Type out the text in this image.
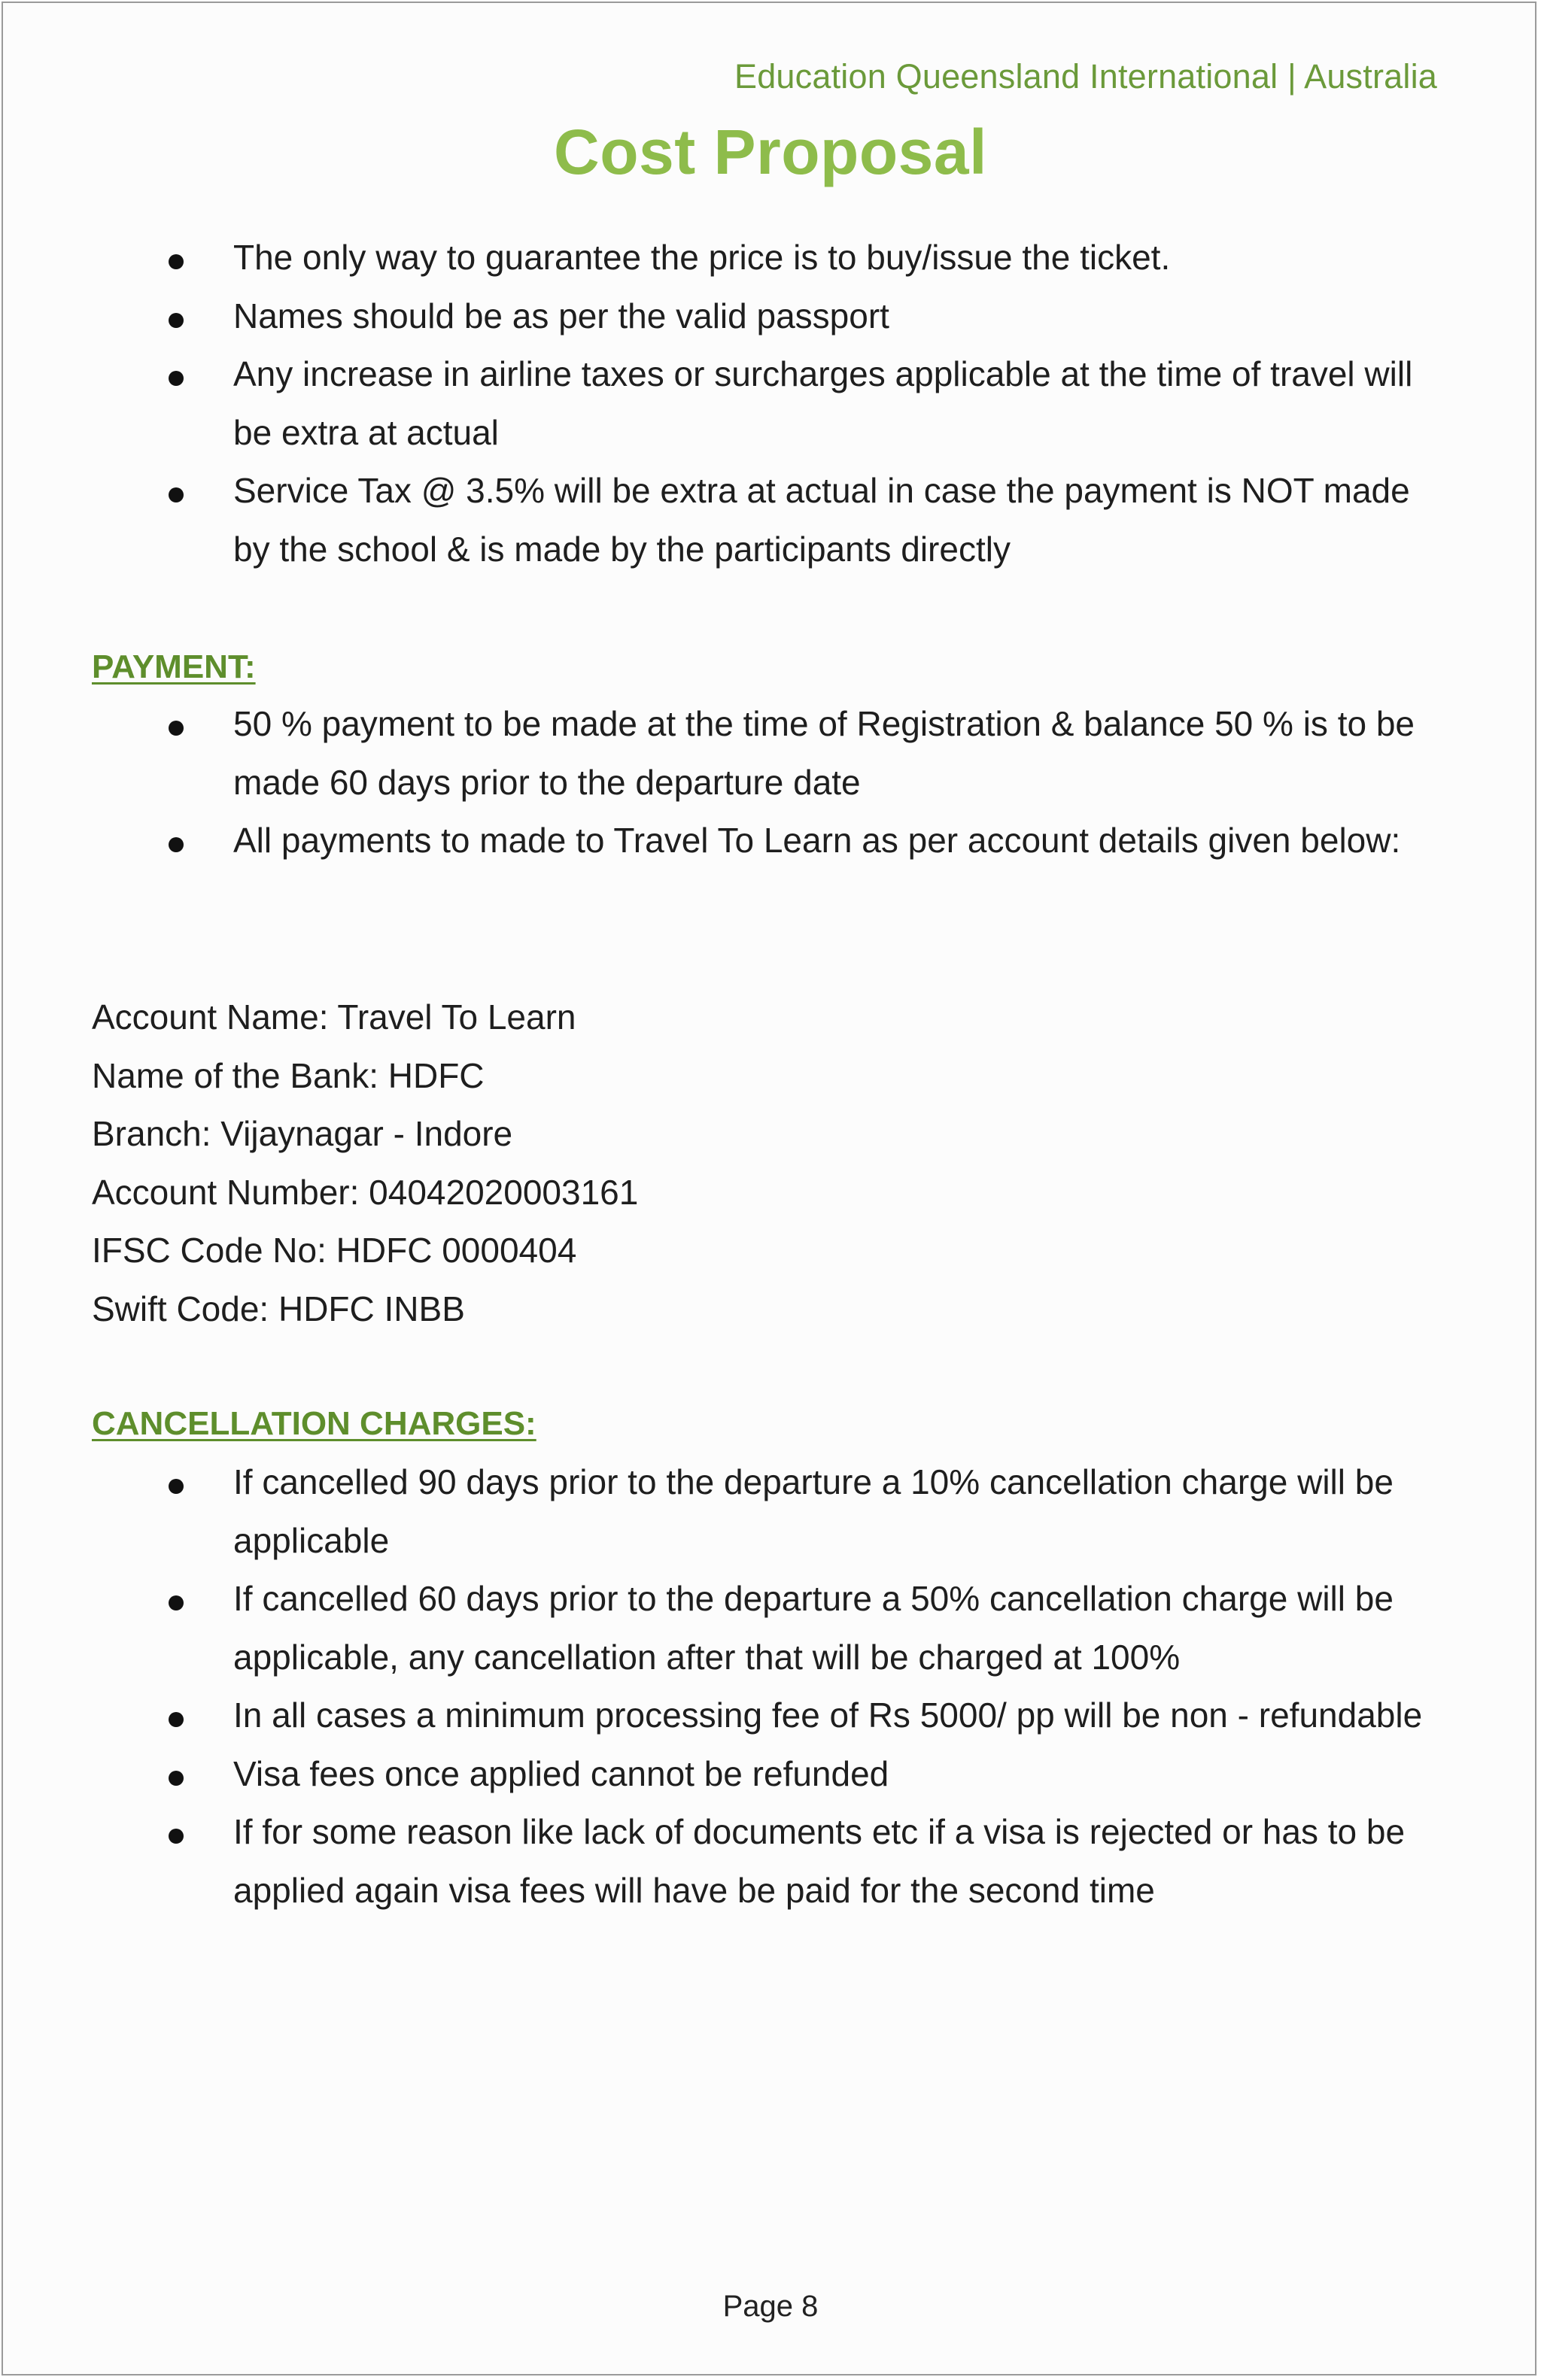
Education Queensland International | Australia
Cost Proposal
The only way to guarantee the price is to buy/issue the ticket.
Names should be as per the valid passport
Any increase in airline taxes or surcharges applicable at the time of travel will be extra at actual
Service Tax @ 3.5% will be extra at actual in case the payment is NOT made by the school & is made by the participants directly
PAYMENT:
50 % payment to be made at the time of Registration & balance 50 % is to be made 60 days prior to the departure date
All payments to made to Travel To Learn as per account details given below:
Account Name: Travel To Learn
Name of the Bank: HDFC
Branch: Vijaynagar - Indore
Account Number: 04042020003161
IFSC Code No: HDFC 0000404
Swift Code: HDFC INBB
CANCELLATION CHARGES:
If cancelled 90 days prior to the departure a 10% cancellation charge will be applicable
If cancelled 60 days prior to the departure a 50% cancellation charge will be applicable, any cancellation after that will be charged at 100%
In all cases a minimum processing fee of Rs 5000/ pp will be non - refundable
Visa fees once applied cannot be refunded
If for some reason like lack of documents etc if a visa is rejected or has to be applied again visa fees will have be paid for the second time
Page 8
